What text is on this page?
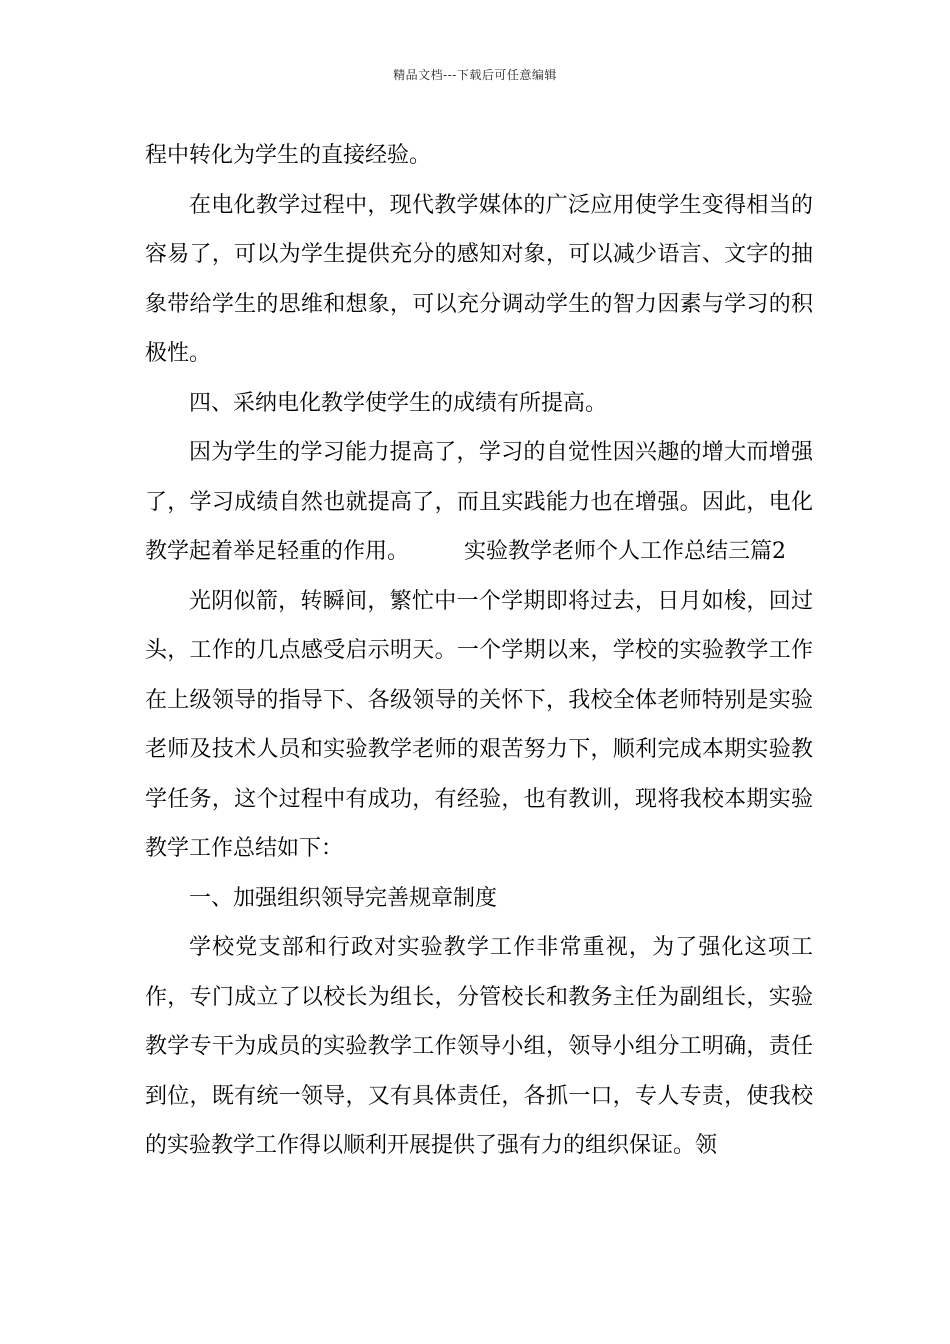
精品文档---下载后可任意编辑

程中转化为学生的直接经验。

在电化教学过程中，现代教学媒体的广泛应用使学生变得相当的容易了，可以为学生提供充分的感知对象，可以减少语言、文字的抽象带给学生的思维和想象，可以充分调动学生的智力因素与学习的积极性。

四、采纳电化教学使学生的成绩有所提高。

因为学生的学习能力提高了，学习的自觉性因兴趣的增大而增强了，学习成绩自然也就提高了，而且实践能力也在增强。因此，电化教学起着举足轻重的作用。　　　实验教学老师个人工作总结三篇2

光阴似箭，转瞬间，繁忙中一个学期即将过去，日月如梭，回过头，工作的几点感受启示明天。一个学期以来，学校的实验教学工作在上级领导的指导下、各级领导的关怀下，我校全体老师特别是实验老师及技术人员和实验教学老师的艰苦努力下，顺利完成本期实验教学任务，这个过程中有成功，有经验，也有教训，现将我校本期实验教学工作总结如下：

一、加强组织领导完善规章制度

学校党支部和行政对实验教学工作非常重视，为了强化这项工作，专门成立了以校长为组长，分管校长和教务主任为副组长，实验教学专干为成员的实验教学工作领导小组，领导小组分工明确，责任到位，既有统一领导，又有具体责任，各抓一口，专人专责，使我校的实验教学工作得以顺利开展提供了强有力的组织保证。领
